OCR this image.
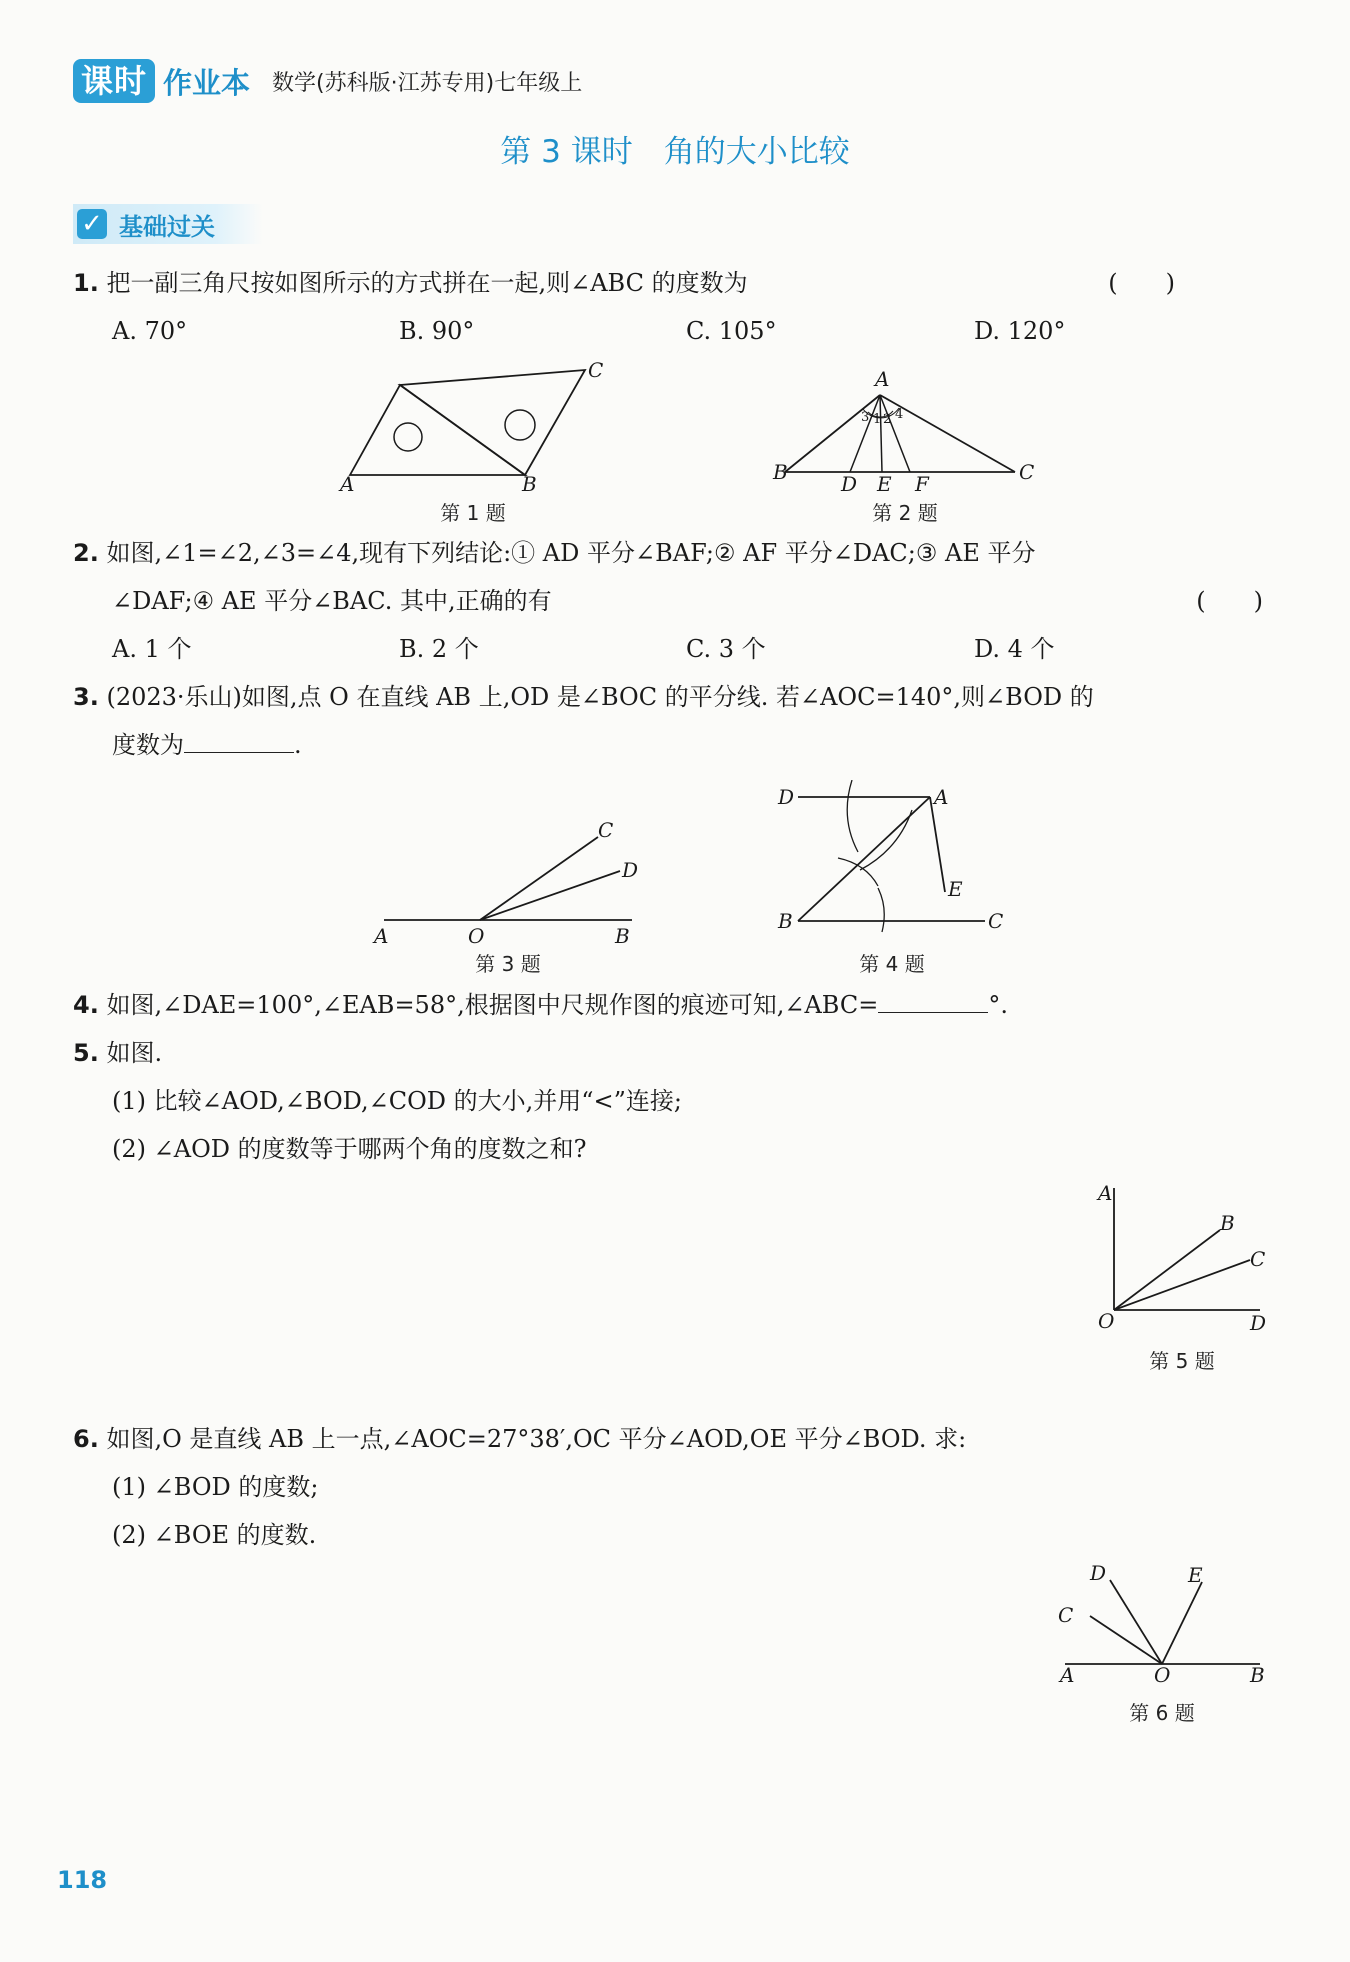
课时 作业本 数学(苏科版·江苏专用)七年级上
第 3 课时　角的大小比较
✓ 基础过关
1. 把一副三角尺按如图所示的方式拼在一起,则∠ABC 的度数为	(　　)
A. 70°	B. 90°	C. 105°	D. 120°
A	B
C
第 1 题
A
B	C
D E F
1 2
3 4
第 2 题
2. 如图,∠1=∠2,∠3=∠4,现有下列结论:① AD 平分∠BAF;② AF 平分∠DAC;③ AE 平分
∠DAF;④ AE 平分∠BAC. 其中,正确的有	(　　)
A. 1 个	B. 2 个	C. 3 个	D. 4 个
3. (2023·乐山)如图,点 O 在直线 AB 上,OD 是∠BOC 的平分线. 若∠AOC=140°,则∠BOD 的
度数为	.
A	O	B
C
D
第 3 题
D	A
E
B	C
第 4 题
4. 如图,∠DAE=100°,∠EAB=58°,根据图中尺规作图的痕迹可知,∠ABC=	°.
5. 如图.
(1) 比较∠AOD,∠BOD,∠COD 的大小,并用“<”连接;
(2) ∠AOD 的度数等于哪两个角的度数之和?
A
B
C
O	D
第 5 题
6. 如图,O 是直线 AB 上一点,∠AOC=27°38′,OC 平分∠AOD,OE 平分∠BOD. 求:
(1) ∠BOD 的度数;
(2) ∠BOE 的度数.
D	E
C
A	O	B
第 6 题
118
